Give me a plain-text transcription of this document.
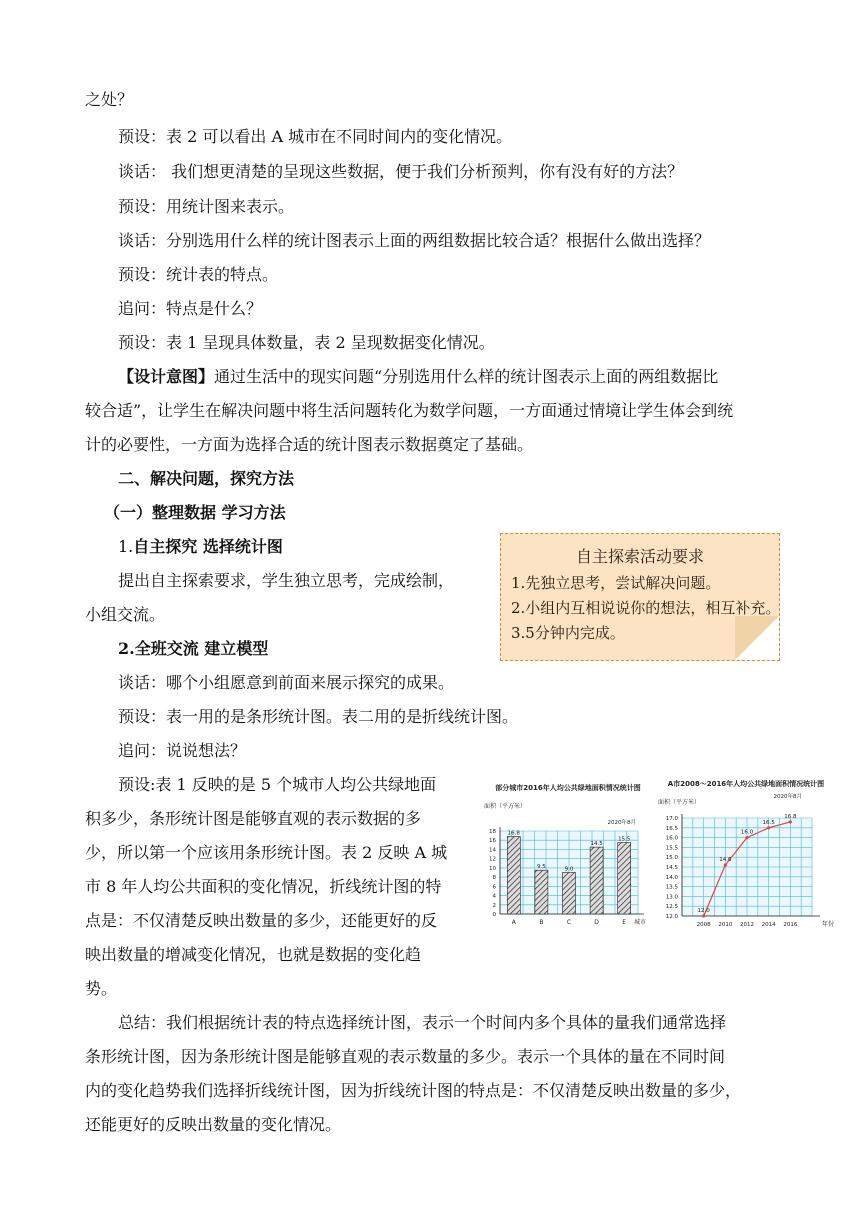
之处？
预设：表 2 可以看出 A 城市在不同时间内的变化情况。
谈话： 我们想更清楚的呈现这些数据，便于我们分析预判，你有没有好的方法？
预设：用统计图来表示。
谈话：分别选用什么样的统计图表示上面的两组数据比较合适？根据什么做出选择？
预设：统计表的特点。
追问：特点是什么？
预设：表 1 呈现具体数量，表 2 呈现数据变化情况。
【设计意图】通过生活中的现实问题“分别选用什么样的统计图表示上面的两组数据比
较合适”，让学生在解决问题中将生活问题转化为数学问题，一方面通过情境让学生体会到统
计的必要性，一方面为选择合适的统计图表示数据奠定了基础。
二、解决问题，探究方法
（一）整理数据 学习方法
1.自主探究 选择统计图
提出自主探索要求，学生独立思考，完成绘制，
小组交流。
2.全班交流 建立模型
谈话：哪个小组愿意到前面来展示探究的成果。
预设：表一用的是条形统计图。表二用的是折线统计图。
追问：说说想法？
预设:表 1 反映的是 5 个城市人均公共绿地面
积多少，条形统计图是能够直观的表示数据的多
少，所以第一个应该用条形统计图。表 2 反映 A 城
市 8 年人均公共面积的变化情况，折线统计图的特
点是：不仅清楚反映出数量的多少，还能更好的反
映出数量的增减变化情况，也就是数据的变化趋
势。
总结：我们根据统计表的特点选择统计图，表示一个时间内多个具体的量我们通常选择
条形统计图，因为条形统计图是能够直观的表示数量的多少。表示一个具体的量在不同时间
内的变化趋势我们选择折线统计图，因为折线统计图的特点是：不仅清楚反映出数量的多少，
还能更好的反映出数量的变化情况。
自主探索活动要求
1.先独立思考，尝试解决问题。
2.小组内互相说说你的想法，相互补充。
3.5分钟内完成。
部分城市2016年人均公共绿地面积情况统计图
面积（平方米）
2020年8月
0
2
4
6
8
10
12
14
16
18 16.8
A
9.5
B
9.0
C
14.5
D
15.5
E 城市
A市2008～2016年人均公共绿地面积情况统计图
面积（平方米）
2020年8月
12.0
12.5
13.0
13.5
14.0
14.5
15.0
15.5
16.0
16.5
17.0
12.0
2008
14.6
2010
16.0
2012
16.5
2014
16.8
2016	年份
